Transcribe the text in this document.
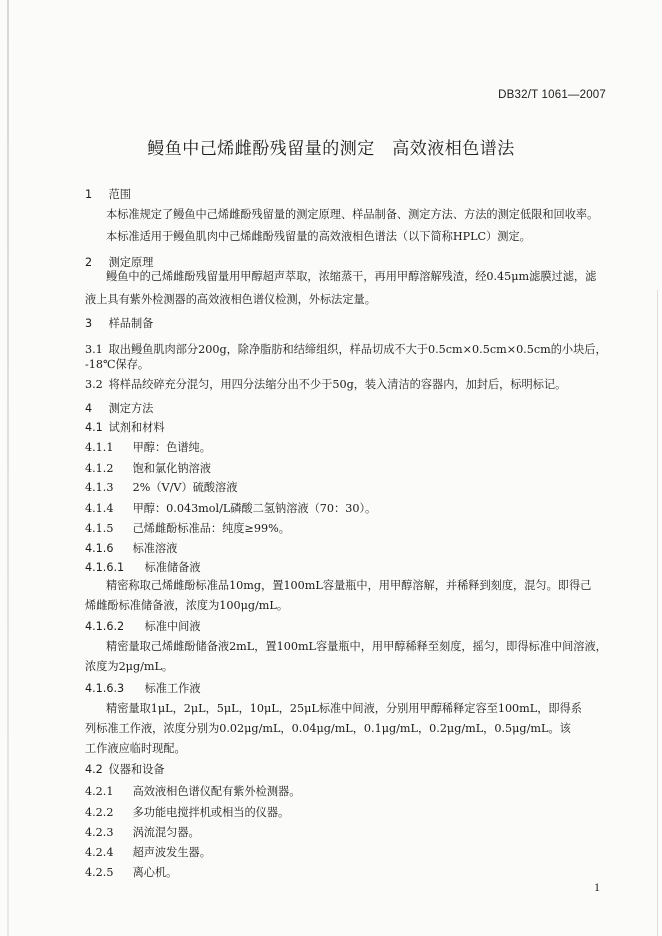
DB32/T 1061—2007
鳗鱼中己烯雌酚残留量的测定　高效液相色谱法
1  范围
本标准规定了鳗鱼中己烯雌酚残留量的测定原理、样品制备、测定方法、方法的测定低限和回收率。
本标准适用于鳗鱼肌肉中己烯雌酚残留量的高效液相色谱法（以下简称HPLC）测定。
2  测定原理
鳗鱼中的己烯雌酚残留量用甲醇超声萃取，浓缩蒸干，再用甲醇溶解残渣，经0.45μm滤膜过滤，滤
液上具有紫外检测器的高效液相色谱仪检测，外标法定量。
3  样品制备
3.1  取出鳗鱼肌肉部分200g，除净脂肪和结缔组织，样品切成不大于0.5cm×0.5cm×0.5cm的小块后，
-18℃保存。
3.2  将样品绞碎充分混匀，用四分法缩分出不少于50g，装入清洁的容器内，加封后，标明标记。
4  测定方法
4.1  试剂和材料
4.1.1  甲醇：色谱纯。
4.1.2  饱和氯化钠溶液
4.1.3  2%（V/V）硫酸溶液
4.1.4  甲醇：0.043mol/L磷酸二氢钠溶液（70：30）。
4.1.5  己烯雌酚标准品：纯度≥99%。
4.1.6  标准溶液
4.1.6.1  标准储备液
精密称取己烯雌酚标准品10mg，置100mL容量瓶中，用甲醇溶解，并稀释到刻度，混匀。即得己
烯雌酚标准储备液，浓度为100μg/mL。
4.1.6.2  标准中间液
精密量取己烯雌酚储备液2mL，置100mL容量瓶中，用甲醇稀释至刻度，摇匀，即得标准中间溶液，
浓度为2μg/mL。
4.1.6.3  标准工作液
精密量取1μL，2μL，5μL，10μL，25μL标准中间液，分别用甲醇稀释定容至100mL，即得系
列标准工作液，浓度分别为0.02μg/mL，0.04μg/mL，0.1μg/mL，0.2μg/mL，0.5μg/mL。该
工作液应临时现配。
4.2  仪器和设备
4.2.1  高效液相色谱仪配有紫外检测器。
4.2.2  多功能电搅拌机或相当的仪器。
4.2.3  涡流混匀器。
4.2.4  超声波发生器。
4.2.5  离心机。
1
